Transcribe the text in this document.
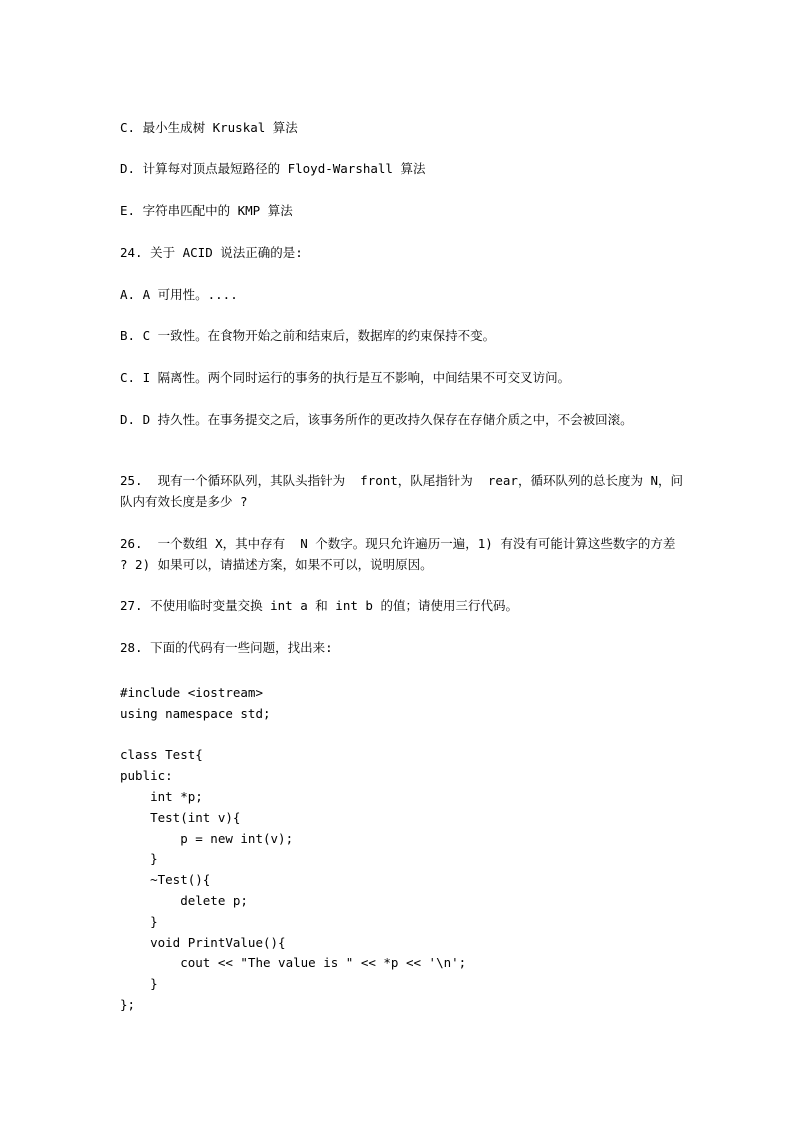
C. 最小生成树 Kruskal 算法
D. 计算每对顶点最短路径的 Floyd-Warshall 算法
E. 字符串匹配中的 KMP 算法
24. 关于 ACID 说法正确的是:
A. A 可用性。....
B. C 一致性。在食物开始之前和结束后，数据库的约束保持不变。
C. I 隔离性。两个同时运行的事务的执行是互不影响，中间结果不可交叉访问。
D. D 持久性。在事务提交之后，该事务所作的更改持久保存在存储介质之中，不会被回滚。
25.  现有一个循环队列，其队头指针为  front，队尾指针为  rear，循环队列的总长度为 N，问队内有效长度是多少 ?
26.  一个数组 X，其中存有  N 个数字。现只允许遍历一遍，1) 有没有可能计算这些数字的方差 ? 2) 如果可以，请描述方案，如果不可以，说明原因。
27. 不使用临时变量交换 int a 和 int b 的值；请使用三行代码。
28. 下面的代码有一些问题，找出来:
#include <iostream>
using namespace std;

class Test{
public:
int *p;
Test(int v){
p = new int(v);
}
~Test(){
delete p;
}
void PrintValue(){
cout << "The value is " << *p << '\n';
}
};
